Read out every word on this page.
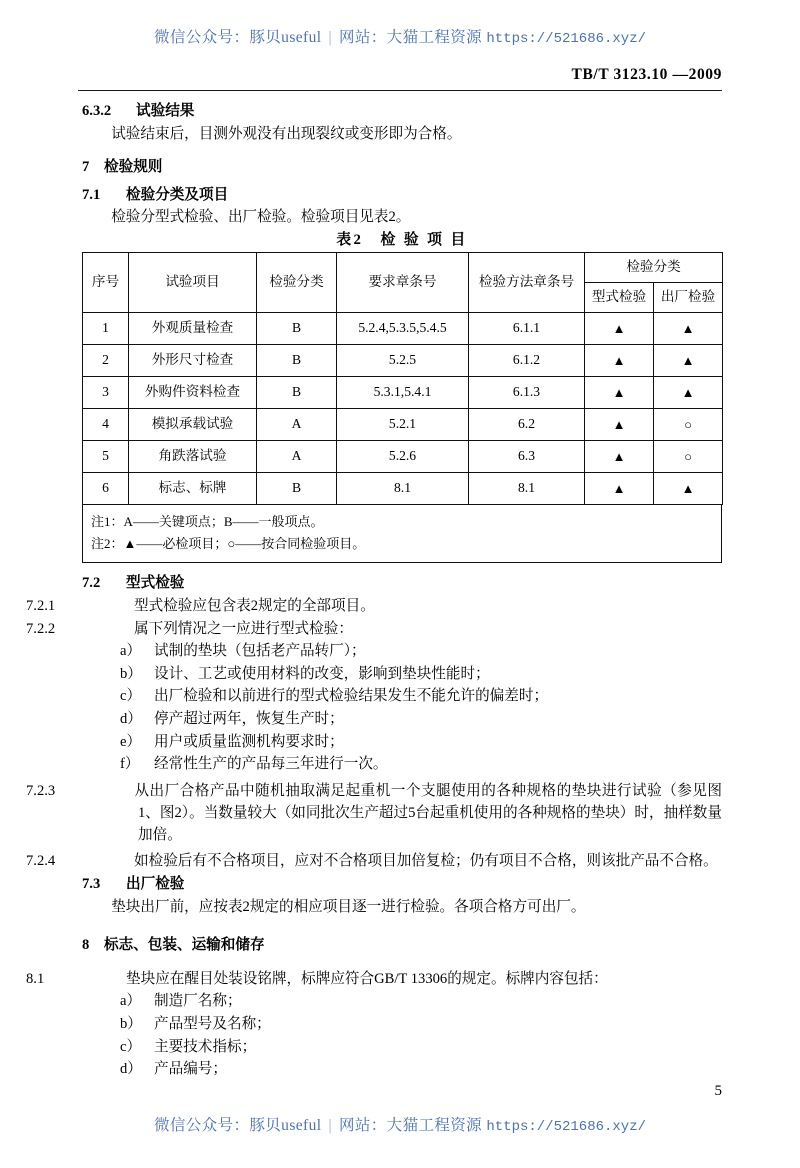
微信公众号：豚贝useful | 网站：大猫工程资源 https://521686.xyz/
TB/T 3123.10 —2009

6.3.2 试验结果

试验结束后，目测外观没有出现裂纹或变形即为合格。

7 检验规则

7.1 检验分类及项目

检验分型式检验、出厂检验。检验项目见表2。

表2　检 验 项 目

序号	试验项目	检验分类	要求章条号	检验方法章条号	检验分类	
					型式检验	出厂检验
1	外观质量检查	B	5.2.4,5.3.5,5.4.5	6.1.1	▲	▲
2	外形尺寸检查	B	5.2.5	6.1.2	▲	▲
3	外购件资料检查	B	5.3.1,5.4.1	6.1.3	▲	▲
4	模拟承载试验	A	5.2.1	6.2	▲	○
5	角跌落试验	A	5.2.6	6.3	▲	○
6	标志、标牌	B	8.1	8.1	▲	▲
注1：A——关键项点；B——一般项点。
注2：▲——必检项目；○——按合同检验项目。

7.2 型式检验

7.2.1	型式检验应包含表2规定的全部项目。

7.2.2	属下列情况之一应进行型式检验：

a） 试制的垫块（包括老产品转厂）；

b） 设计、工艺或使用材料的改变，影响到垫块性能时；

c） 出厂检验和以前进行的型式检验结果发生不能允许的偏差时；

d） 停产超过两年，恢复生产时；

e） 用户或质量监测机构要求时；

f） 经常性生产的产品每三年进行一次。

7.2.3	从出厂合格产品中随机抽取满足起重机一个支腿使用的各种规格的垫块进行试验（参见图1、图2）。当数量较大（如同批次生产超过5台起重机使用的各种规格的垫块）时，抽样数量加倍。

7.2.4	如检验后有不合格项目，应对不合格项目加倍复检；仍有项目不合格，则该批产品不合格。

7.3 出厂检验

垫块出厂前，应按表2规定的相应项目逐一进行检验。各项合格方可出厂。

8 标志、包装、运输和储存

8.1	垫块应在醒目处装设铭牌，标牌应符合GB/T 13306的规定。标牌内容包括：

a） 制造厂名称；

b） 产品型号及名称；

c） 主要技术指标；

d） 产品编号；

5
微信公众号：豚贝useful | 网站：大猫工程资源 https://521686.xyz/
